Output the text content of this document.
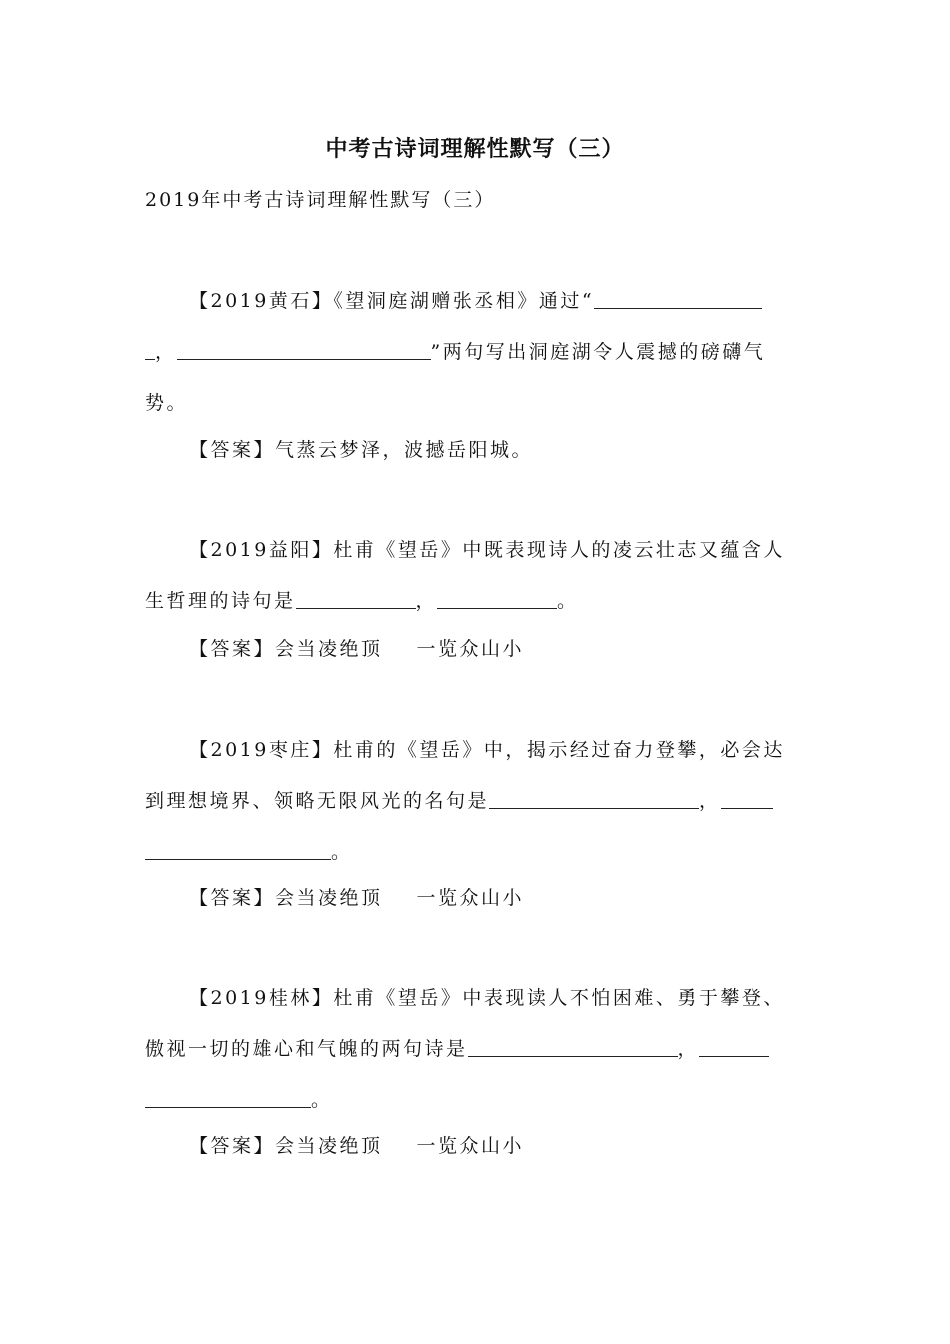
中考古诗词理解性默写（三）
2019年中考古诗词理解性默写（三）
【2019黄石】《望洞庭湖赠张丞相》通过“
，	”两句写出洞庭湖令人震撼的磅礴气
势。
【答案】气蒸云梦泽，波撼岳阳城。
【2019益阳】杜甫《望岳》中既表现诗人的凌云壮志又蕴含人
生哲理的诗句是	，	。
【答案】会当凌绝顶 一览众山小
【2019枣庄】杜甫的《望岳》中，揭示经过奋力登攀，必会达
到理想境界、领略无限风光的名句是	，
。
【答案】会当凌绝顶 一览众山小
【2019桂林】杜甫《望岳》中表现读人不怕困难、勇于攀登、
傲视一切的雄心和气魄的两句诗是	，
。
【答案】会当凌绝顶 一览众山小
